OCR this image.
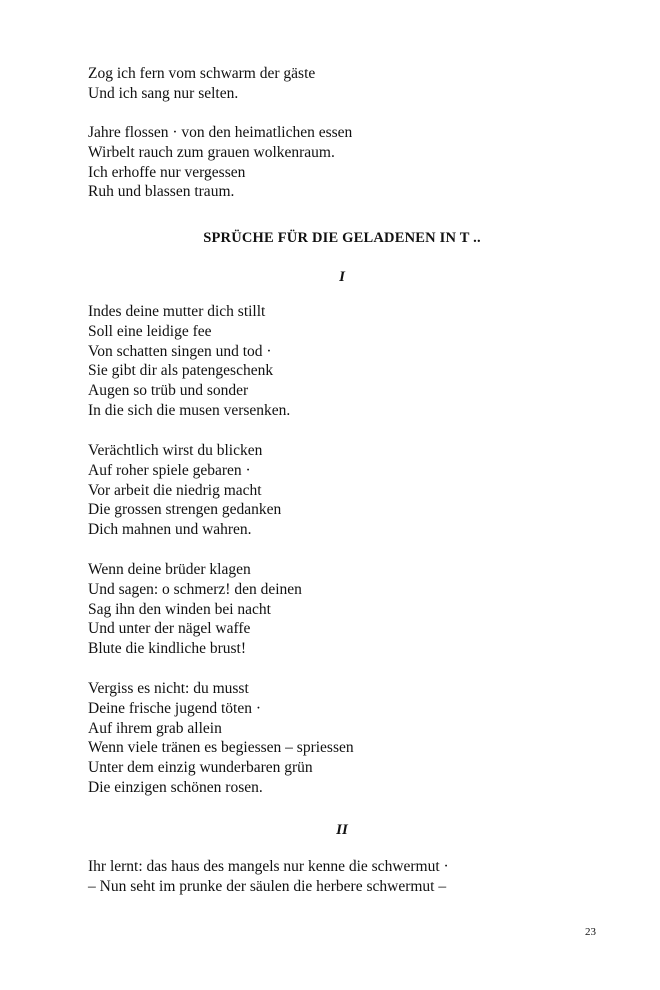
Zog ich fern vom schwarm der gäste
Und ich sang nur selten.
Jahre flossen · von den heimatlichen essen
Wirbelt rauch zum grauen wolkenraum.
Ich erhoffe nur vergessen
Ruh und blassen traum.
SPRÜCHE FÜR DIE GELADENEN IN T ..
I
Indes deine mutter dich stillt
Soll eine leidige fee
Von schatten singen und tod ·
Sie gibt dir als patengeschenk
Augen so trüb und sonder
In die sich die musen versenken.
Verächtlich wirst du blicken
Auf roher spiele gebaren ·
Vor arbeit die niedrig macht
Die grossen strengen gedanken
Dich mahnen und wahren.
Wenn deine brüder klagen
Und sagen: o schmerz! den deinen
Sag ihn den winden bei nacht
Und unter der nägel waffe
Blute die kindliche brust!
Vergiss es nicht: du musst
Deine frische jugend töten ·
Auf ihrem grab allein
Wenn viele tränen es begiessen – spriessen
Unter dem einzig wunderbaren grün
Die einzigen schönen rosen.
II
Ihr lernt: das haus des mangels nur kenne die schwermut ·
– Nun seht im prunke der säulen die herbere schwermut –
23
